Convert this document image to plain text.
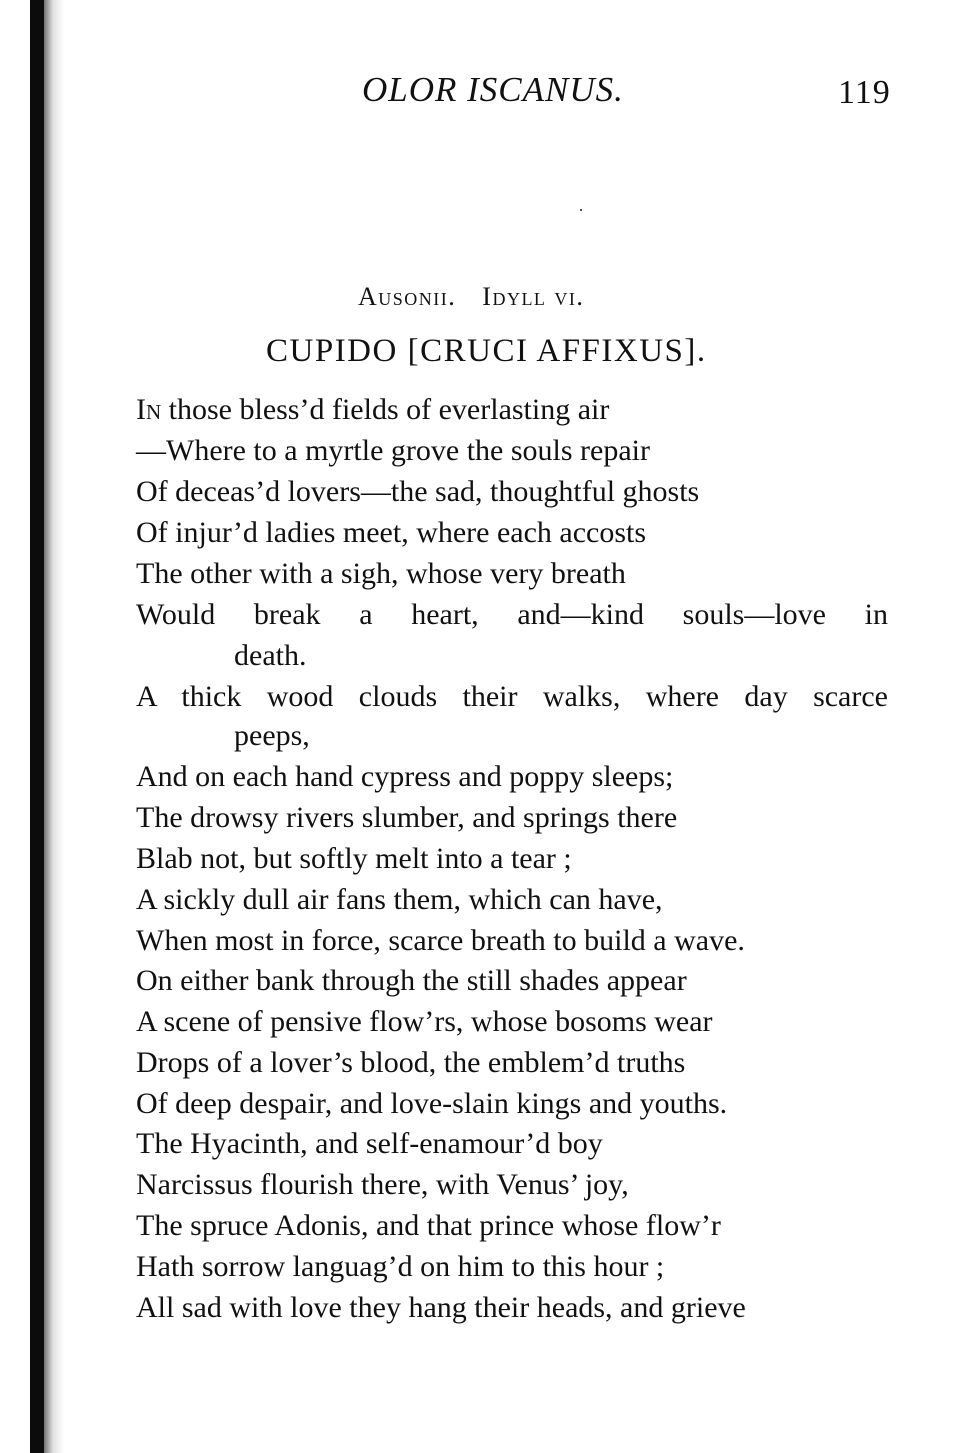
OLOR ISCANUS.	119
Ausonii. Idyll vi.
CUPIDO [CRUCI AFFIXUS].
In those bless’d fields of everlasting air
—Where to a myrtle grove the souls repair
Of deceas’d lovers—the sad, thoughtful ghosts
Of injur’d ladies meet, where each accosts
The other with a sigh, whose very breath
Would break a heart, and—kind souls—love in
death.
A thick wood clouds their walks, where day scarce
peeps,
And on each hand cypress and poppy sleeps;
The drowsy rivers slumber, and springs there
Blab not, but softly melt into a tear ;
A sickly dull air fans them, which can have,
When most in force, scarce breath to build a wave.
On either bank through the still shades appear
A scene of pensive flow’rs, whose bosoms wear
Drops of a lover’s blood, the emblem’d truths
Of deep despair, and love-slain kings and youths.
The Hyacinth, and self-enamour’d boy
Narcissus flourish there, with Venus’ joy,
The spruce Adonis, and that prince whose flow’r
Hath sorrow languag’d on him to this hour ;
All sad with love they hang their heads, and grieve
